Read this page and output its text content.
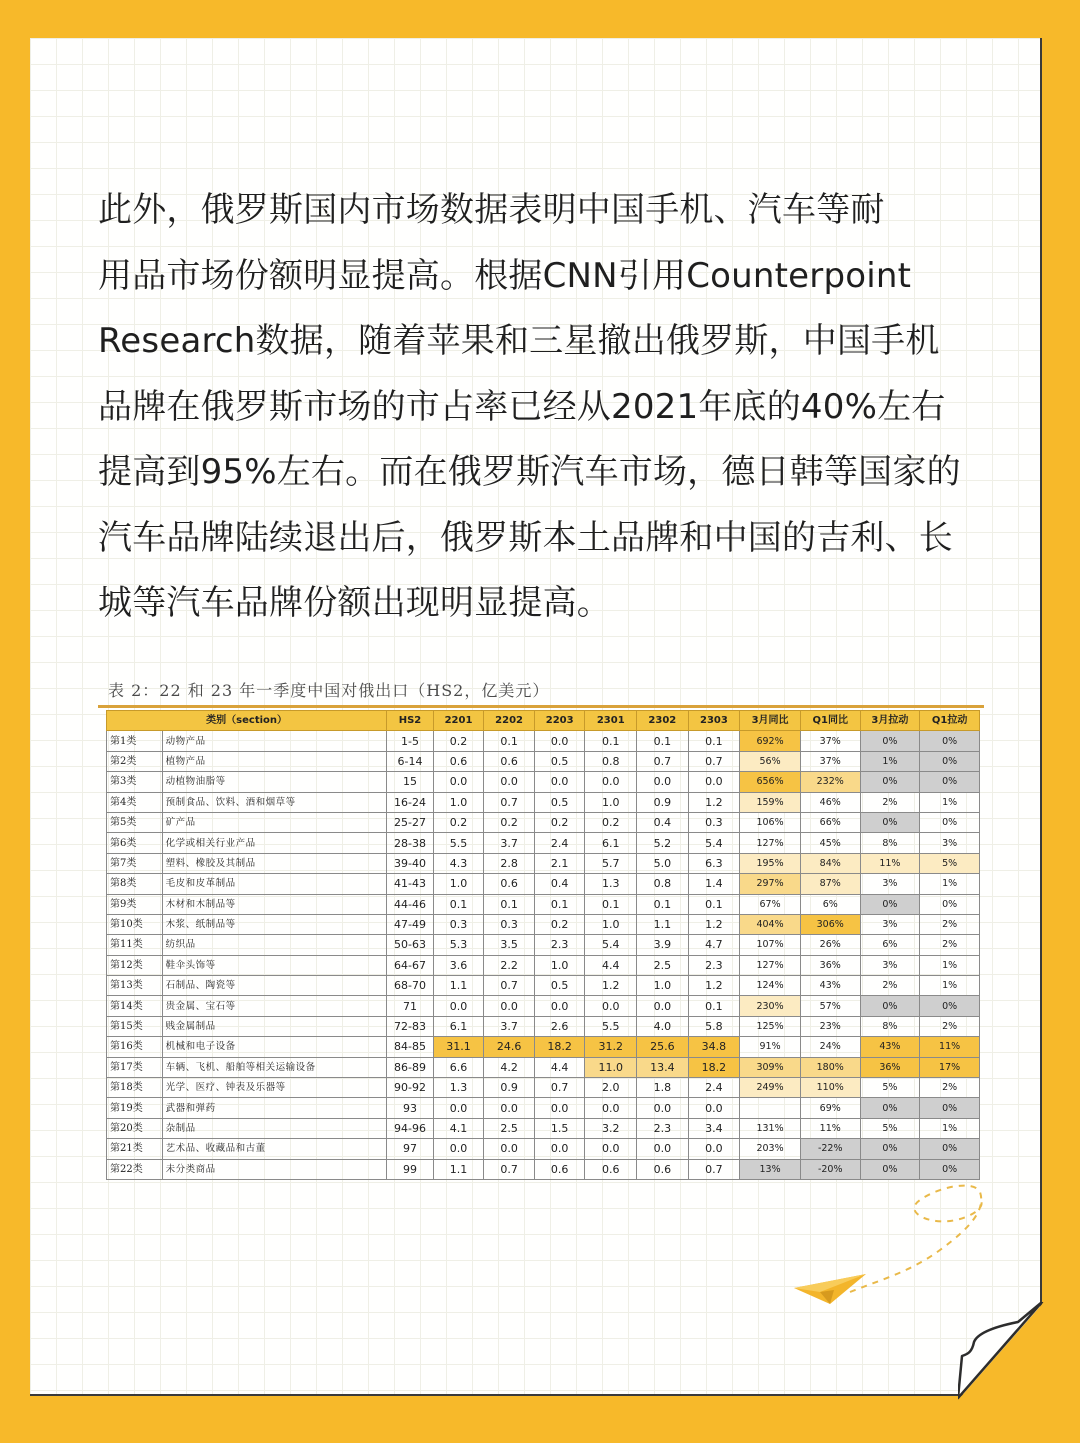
此外，俄罗斯国内市场数据表明中国手机、汽车等耐
用品市场份额明显提高。根据CNN引用Counterpoint
Research数据，随着苹果和三星撤出俄罗斯，中国手机
品牌在俄罗斯市场的市占率已经从2021年底的40%左右
提高到95%左右。而在俄罗斯汽车市场，德日韩等国家的
汽车品牌陆续退出后，俄罗斯本土品牌和中国的吉利、长
城等汽车品牌份额出现明显提高。
表 2：22 和 23 年一季度中国对俄出口（HS2，亿美元）
类别（section）		HS2	2201	2202	2203	2301	2302	2303	3月同比	Q1同比	3月拉动	Q1拉动
第1类	动物产品	1-5	0.2	0.1	0.0	0.1	0.1	0.1	692%	37%	0%	0%
第2类	植物产品	6-14	0.6	0.6	0.5	0.8	0.7	0.7	56%	37%	1%	0%
第3类	动植物油脂等	15	0.0	0.0	0.0	0.0	0.0	0.0	656%	232%	0%	0%
第4类	预制食品、饮料、酒和烟草等	16-24	1.0	0.7	0.5	1.0	0.9	1.2	159%	46%	2%	1%
第5类	矿产品	25-27	0.2	0.2	0.2	0.2	0.4	0.3	106%	66%	0%	0%
第6类	化学或相关行业产品	28-38	5.5	3.7	2.4	6.1	5.2	5.4	127%	45%	8%	3%
第7类	塑料、橡胶及其制品	39-40	4.3	2.8	2.1	5.7	5.0	6.3	195%	84%	11%	5%
第8类	毛皮和皮革制品	41-43	1.0	0.6	0.4	1.3	0.8	1.4	297%	87%	3%	1%
第9类	木材和木制品等	44-46	0.1	0.1	0.1	0.1	0.1	0.1	67%	6%	0%	0%
第10类	木浆、纸制品等	47-49	0.3	0.3	0.2	1.0	1.1	1.2	404%	306%	3%	2%
第11类	纺织品	50-63	5.3	3.5	2.3	5.4	3.9	4.7	107%	26%	6%	2%
第12类	鞋伞头饰等	64-67	3.6	2.2	1.0	4.4	2.5	2.3	127%	36%	3%	1%
第13类	石制品、陶瓷等	68-70	1.1	0.7	0.5	1.2	1.0	1.2	124%	43%	2%	1%
第14类	贵金属、宝石等	71	0.0	0.0	0.0	0.0	0.0	0.1	230%	57%	0%	0%
第15类	贱金属制品	72-83	6.1	3.7	2.6	5.5	4.0	5.8	125%	23%	8%	2%
第16类	机械和电子设备	84-85	31.1	24.6	18.2	31.2	25.6	34.8	91%	24%	43%	11%
第17类	车辆、飞机、船舶等相关运输设备	86-89	6.6	4.2	4.4	11.0	13.4	18.2	309%	180%	36%	17%
第18类	光学、医疗、钟表及乐器等	90-92	1.3	0.9	0.7	2.0	1.8	2.4	249%	110%	5%	2%
第19类	武器和弹药	93	0.0	0.0	0.0	0.0	0.0	0.0		69%	0%	0%
第20类	杂制品	94-96	4.1	2.5	1.5	3.2	2.3	3.4	131%	11%	5%	1%
第21类	艺术品、收藏品和古董	97	0.0	0.0	0.0	0.0	0.0	0.0	203%	-22%	0%	0%
第22类	未分类商品	99	1.1	0.7	0.6	0.6	0.6	0.7	13%	-20%	0%	0%
